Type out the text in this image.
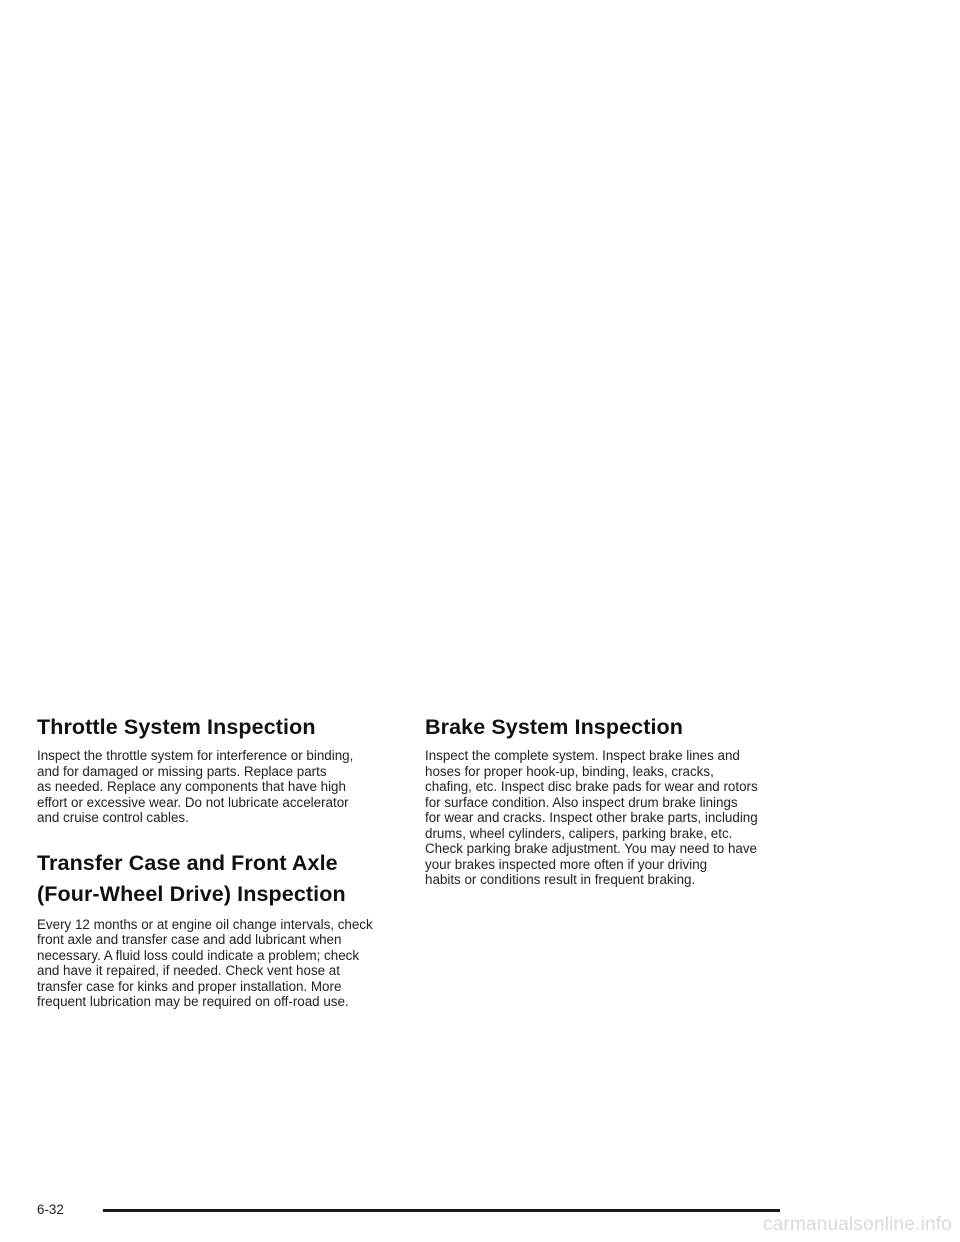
Throttle System Inspection
Inspect the throttle system for interference or binding,
and for damaged or missing parts. Replace parts
as needed. Replace any components that have high
effort or excessive wear. Do not lubricate accelerator
and cruise control cables.
Transfer Case and Front Axle
(Four-Wheel Drive) Inspection
Every 12 months or at engine oil change intervals, check
front axle and transfer case and add lubricant when
necessary. A fluid loss could indicate a problem; check
and have it repaired, if needed. Check vent hose at
transfer case for kinks and proper installation. More
frequent lubrication may be required on off-road use.
Brake System Inspection
Inspect the complete system. Inspect brake lines and
hoses for proper hook-up, binding, leaks, cracks,
chafing, etc. Inspect disc brake pads for wear and rotors
for surface condition. Also inspect drum brake linings
for wear and cracks. Inspect other brake parts, including
drums, wheel cylinders, calipers, parking brake, etc.
Check parking brake adjustment. You may need to have
your brakes inspected more often if your driving
habits or conditions result in frequent braking.
6-32
carmanualsonline.info
